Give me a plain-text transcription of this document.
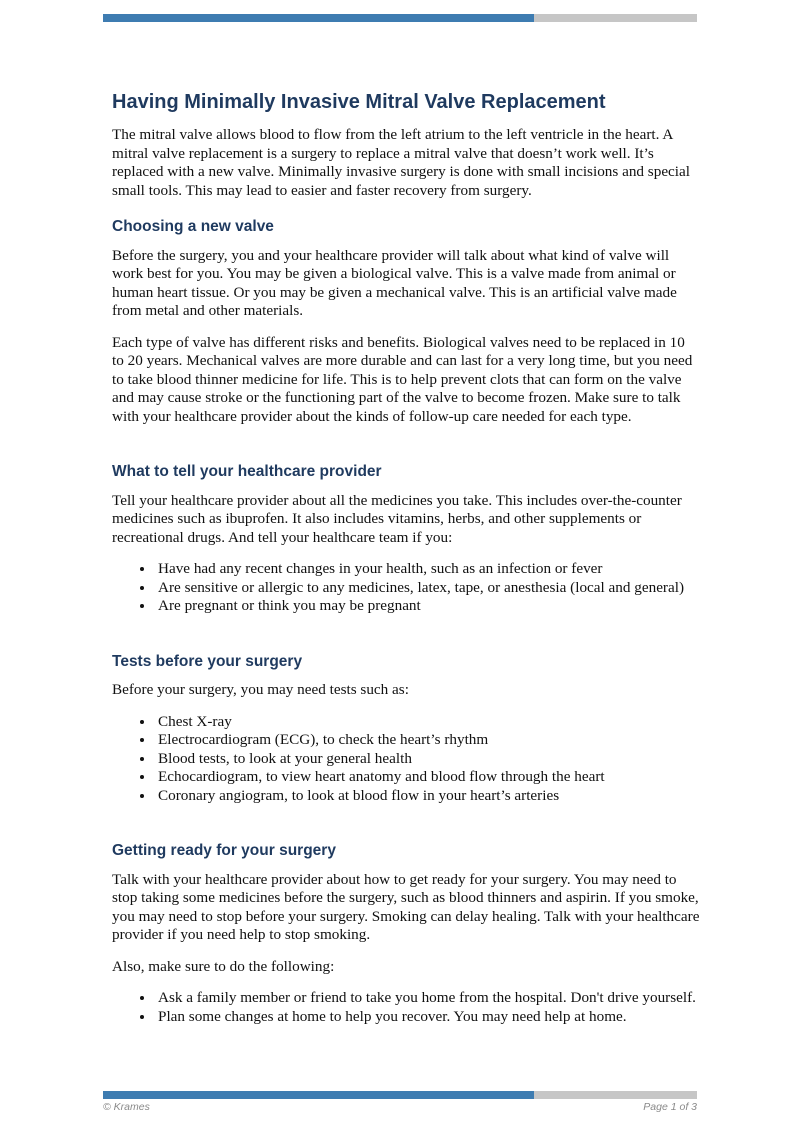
Having Minimally Invasive Mitral Valve Replacement

The mitral valve allows blood to flow from the left atrium to the left ventricle in the heart. A mitral valve replacement is a surgery to replace a mitral valve that doesn’t work well. It’s replaced with a new valve. Minimally invasive surgery is done with small incisions and special small tools. This may lead to easier and faster recovery from surgery.

Choosing a new valve

Before the surgery, you and your healthcare provider will talk about what kind of valve will work best for you. You may be given a biological valve. This is a valve made from animal or human heart tissue. Or you may be given a mechanical valve. This is an artificial valve made from metal and other materials.

Each type of valve has different risks and benefits. Biological valves need to be replaced in 10 to 20 years. Mechanical valves are more durable and can last for a very long time, but you need to take blood thinner medicine for life. This is to help prevent clots that can form on the valve and may cause stroke or the functioning part of the valve to become frozen. Make sure to talk with your healthcare provider about the kinds of follow-up care needed for each type.

What to tell your healthcare provider

Tell your healthcare provider about all the medicines you take. This includes over-the-counter medicines such as ibuprofen. It also includes vitamins, herbs, and other supplements or recreational drugs. And tell your healthcare team if you:

• Have had any recent changes in your health, such as an infection or fever
• Are sensitive or allergic to any medicines, latex, tape, or anesthesia (local and general)
• Are pregnant or think you may be pregnant
Tests before your surgery

Before your surgery, you may need tests such as:

• Chest X-ray
• Electrocardiogram (ECG), to check the heart’s rhythm
• Blood tests, to look at your general health
• Echocardiogram, to view heart anatomy and blood flow through the heart
• Coronary angiogram, to look at blood flow in your heart’s arteries
Getting ready for your surgery

Talk with your healthcare provider about how to get ready for your surgery. You may need to stop taking some medicines before the surgery, such as blood thinners and aspirin. If you smoke, you may need to stop before your surgery. Smoking can delay healing. Talk with your healthcare provider if you need help to stop smoking.

Also, make sure to do the following:

• Ask a family member or friend to take you home from the hospital. Don't drive yourself.
• Plan some changes at home to help you recover. You may need help at home.
© Krames	Page 1 of 3
